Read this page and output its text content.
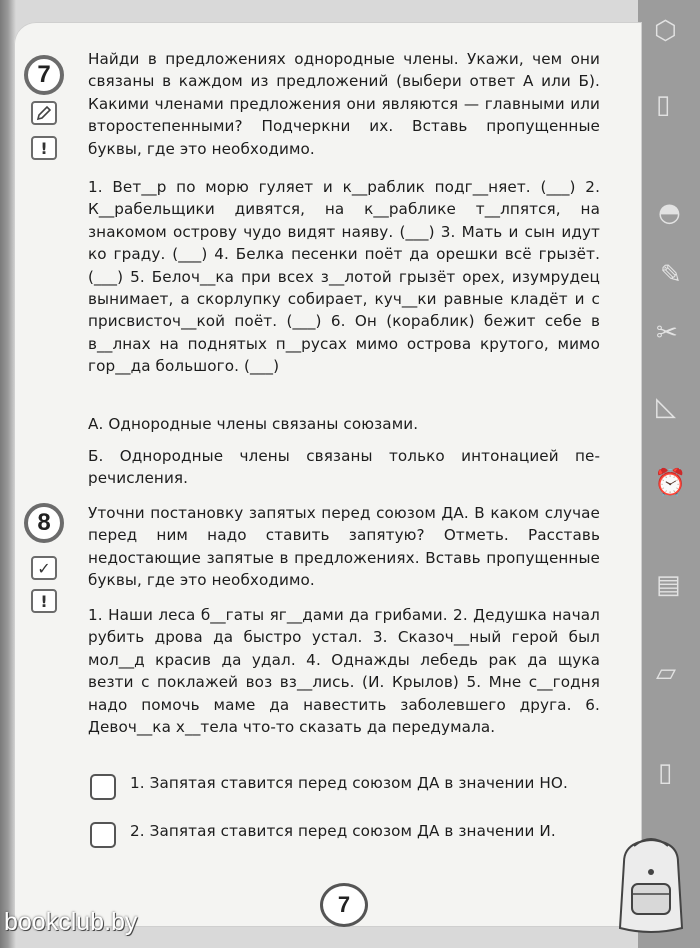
⬡
▯
◓
✎
✂
◺
⏰
▤
▱
▯
7
!

Найди в предложениях однородные члены. Укажи, чем они связаны в каждом из предложений (выбери ответ А или Б). Какими членами предложения они являются — главными или второстепенными? Подчеркни их. Вставь пропущенные буквы, где это необходимо.

1. Вет__р по морю гуляет и к__раблик подг__няет. (___) 2. К__рабельщики дивятся, на к__раблике т__лпятся, на знакомом острову чудо видят наяву. (___) 3. Мать и сын идут ко граду. (___) 4. Белка песенки поёт да орешки всё грызёт. (___) 5. Белоч__ка при всех з__лотой грызёт орех, изумрудец вынимает, а скорлупку собирает, куч__ки равные кладёт и с присвисточ__кой поёт. (___) 6. Он (кораблик) бежит себе в в__лнах на поднятых п__русах мимо острова крутого, мимо гор__да большого. (___)

А. Однородные члены связаны союзами.

Б. Однородные члены связаны только интонацией перечисления.

8
✓
!

Уточни постановку запятых перед союзом ДА. В каком случае перед ним надо ставить запятую? Отметь. Расставь недостающие запятые в предложениях. Вставь пропущенные буквы, где это необходимо.

1. Наши леса б__гаты яг__дами да грибами. 2. Дедушка начал рубить дрова да быстро устал. 3. Сказоч__ный герой был мол__д красив да удал. 4. Однажды лебедь рак да щука везти с поклажей воз вз__лись. (И. Крылов) 5. Мне с__годня надо помочь маме да навестить заболевшего друга. 6. Девоч__ка х__тела что-то сказать да передумала.

1. Запятая ставится перед союзом ДА в значении НО.

2. Запятая ставится перед союзом ДА в значении И.

7
bookclub.by
